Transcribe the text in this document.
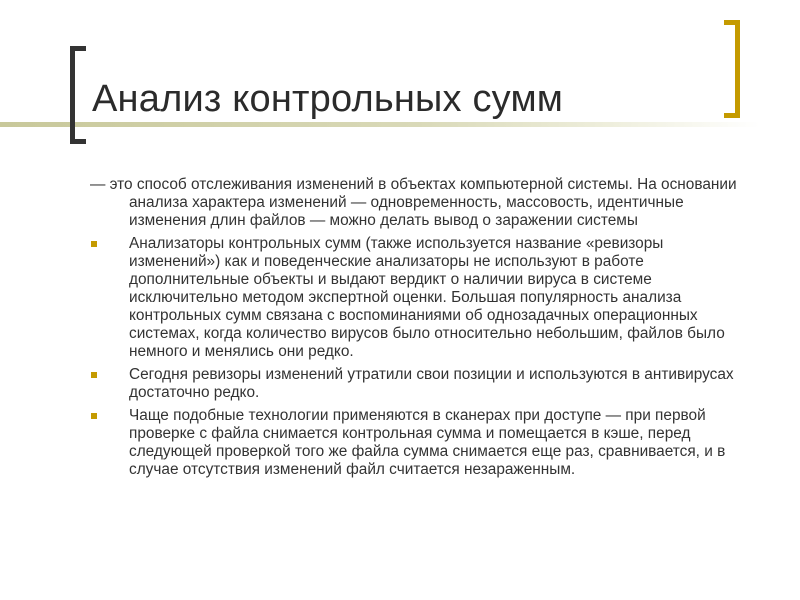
Анализ контрольных сумм

— это способ отслеживания изменений в объектах компьютерной системы. На основании анализа характера изменений — одновременность, массовость, идентичные изменения длин файлов — можно делать вывод о заражении системы

Анализаторы контрольных сумм (также используется название «ревизоры изменений») как и поведенческие анализаторы не используют в работе дополнительные объекты и выдают вердикт о наличии вируса в системе исключительно методом экспертной оценки. Большая популярность анализа контрольных сумм связана с воспоминаниями об однозадачных операционных системах, когда количество вирусов было относительно небольшим, файлов было немного и менялись они редко.
Сегодня ревизоры изменений утратили свои позиции и используются в антивирусах достаточно редко.
Чаще подобные технологии применяются в сканерах при доступе — при первой проверке с файла снимается контрольная сумма и помещается в кэше, перед следующей проверкой того же файла сумма снимается еще раз, сравнивается, и в случае отсутствия изменений файл считается незараженным.
